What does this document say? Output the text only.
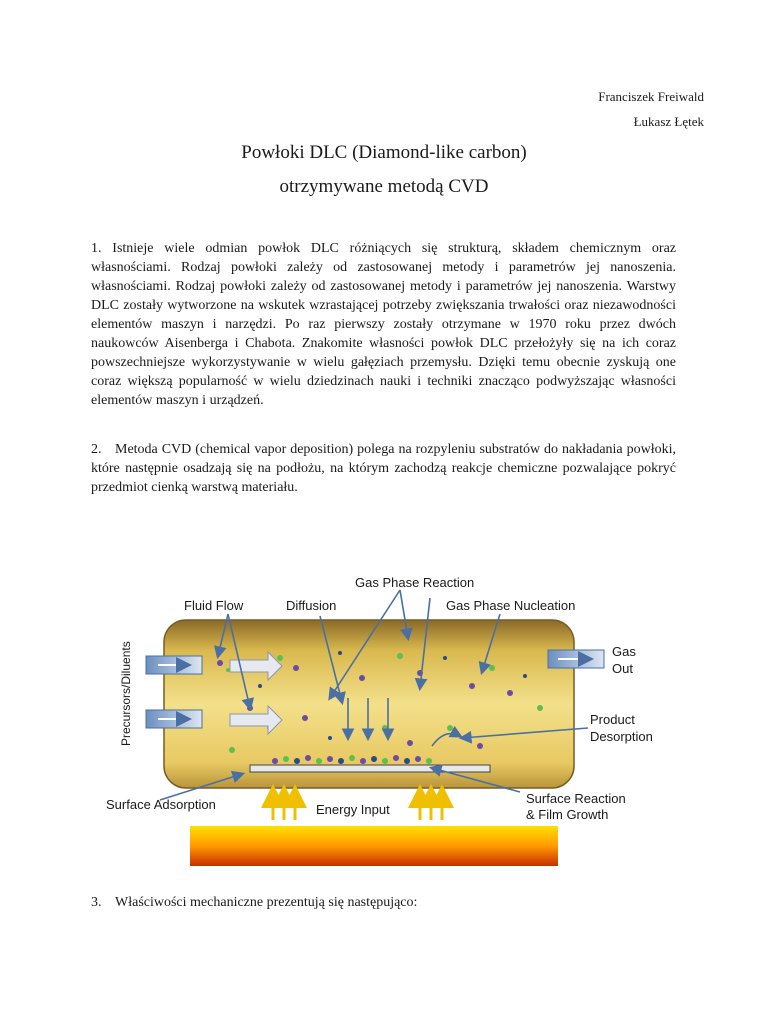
Franciszek Freiwald
Łukasz Łętek
Powłoki DLC (Diamond-like carbon)
otrzymywane metodą CVD

1. Istnieje wiele odmian powłok DLC różniących się strukturą, składem chemicznym oraz własnościami. Rodzaj powłoki zależy od zastosowanej metody i parametrów jej nanoszenia. własnościami. Rodzaj powłoki zależy od zastosowanej metody i parametrów jej nanoszenia. Warstwy DLC zostały wytworzone na wskutek wzrastającej potrzeby zwiększania trwałości oraz niezawodności elementów maszyn i narzędzi. Po raz pierwszy zostały otrzymane w 1970 roku przez dwóch naukowców Aisenberga i Chabota. Znakomite własności powłok DLC przełożyły się na ich coraz powszechniejsze wykorzystywanie w wielu gałęziach przemysłu. Dzięki temu obecnie zyskują one coraz większą popularność w wielu dziedzinach nauki i techniki znacząco podwyższając własności elementów maszyn i urządzeń.

2. Metoda CVD (chemical vapor deposition) polega na rozpyleniu substratów do nakładania powłoki, które następnie osadzają się na podłożu, na którym zachodzą reakcje chemiczne pozwalające pokryć przedmiot cienką warstwą materiału.

Gas Phase Reaction
Fluid Flow	Diffusion	Gas Phase Nucleation
Precursors/Diluents	Gas
Out
Product
Desorption
Surface Adsorption	Energy Input
Surface Reaction
& Film Growth

3. Właściwości mechaniczne prezentują się następująco:
